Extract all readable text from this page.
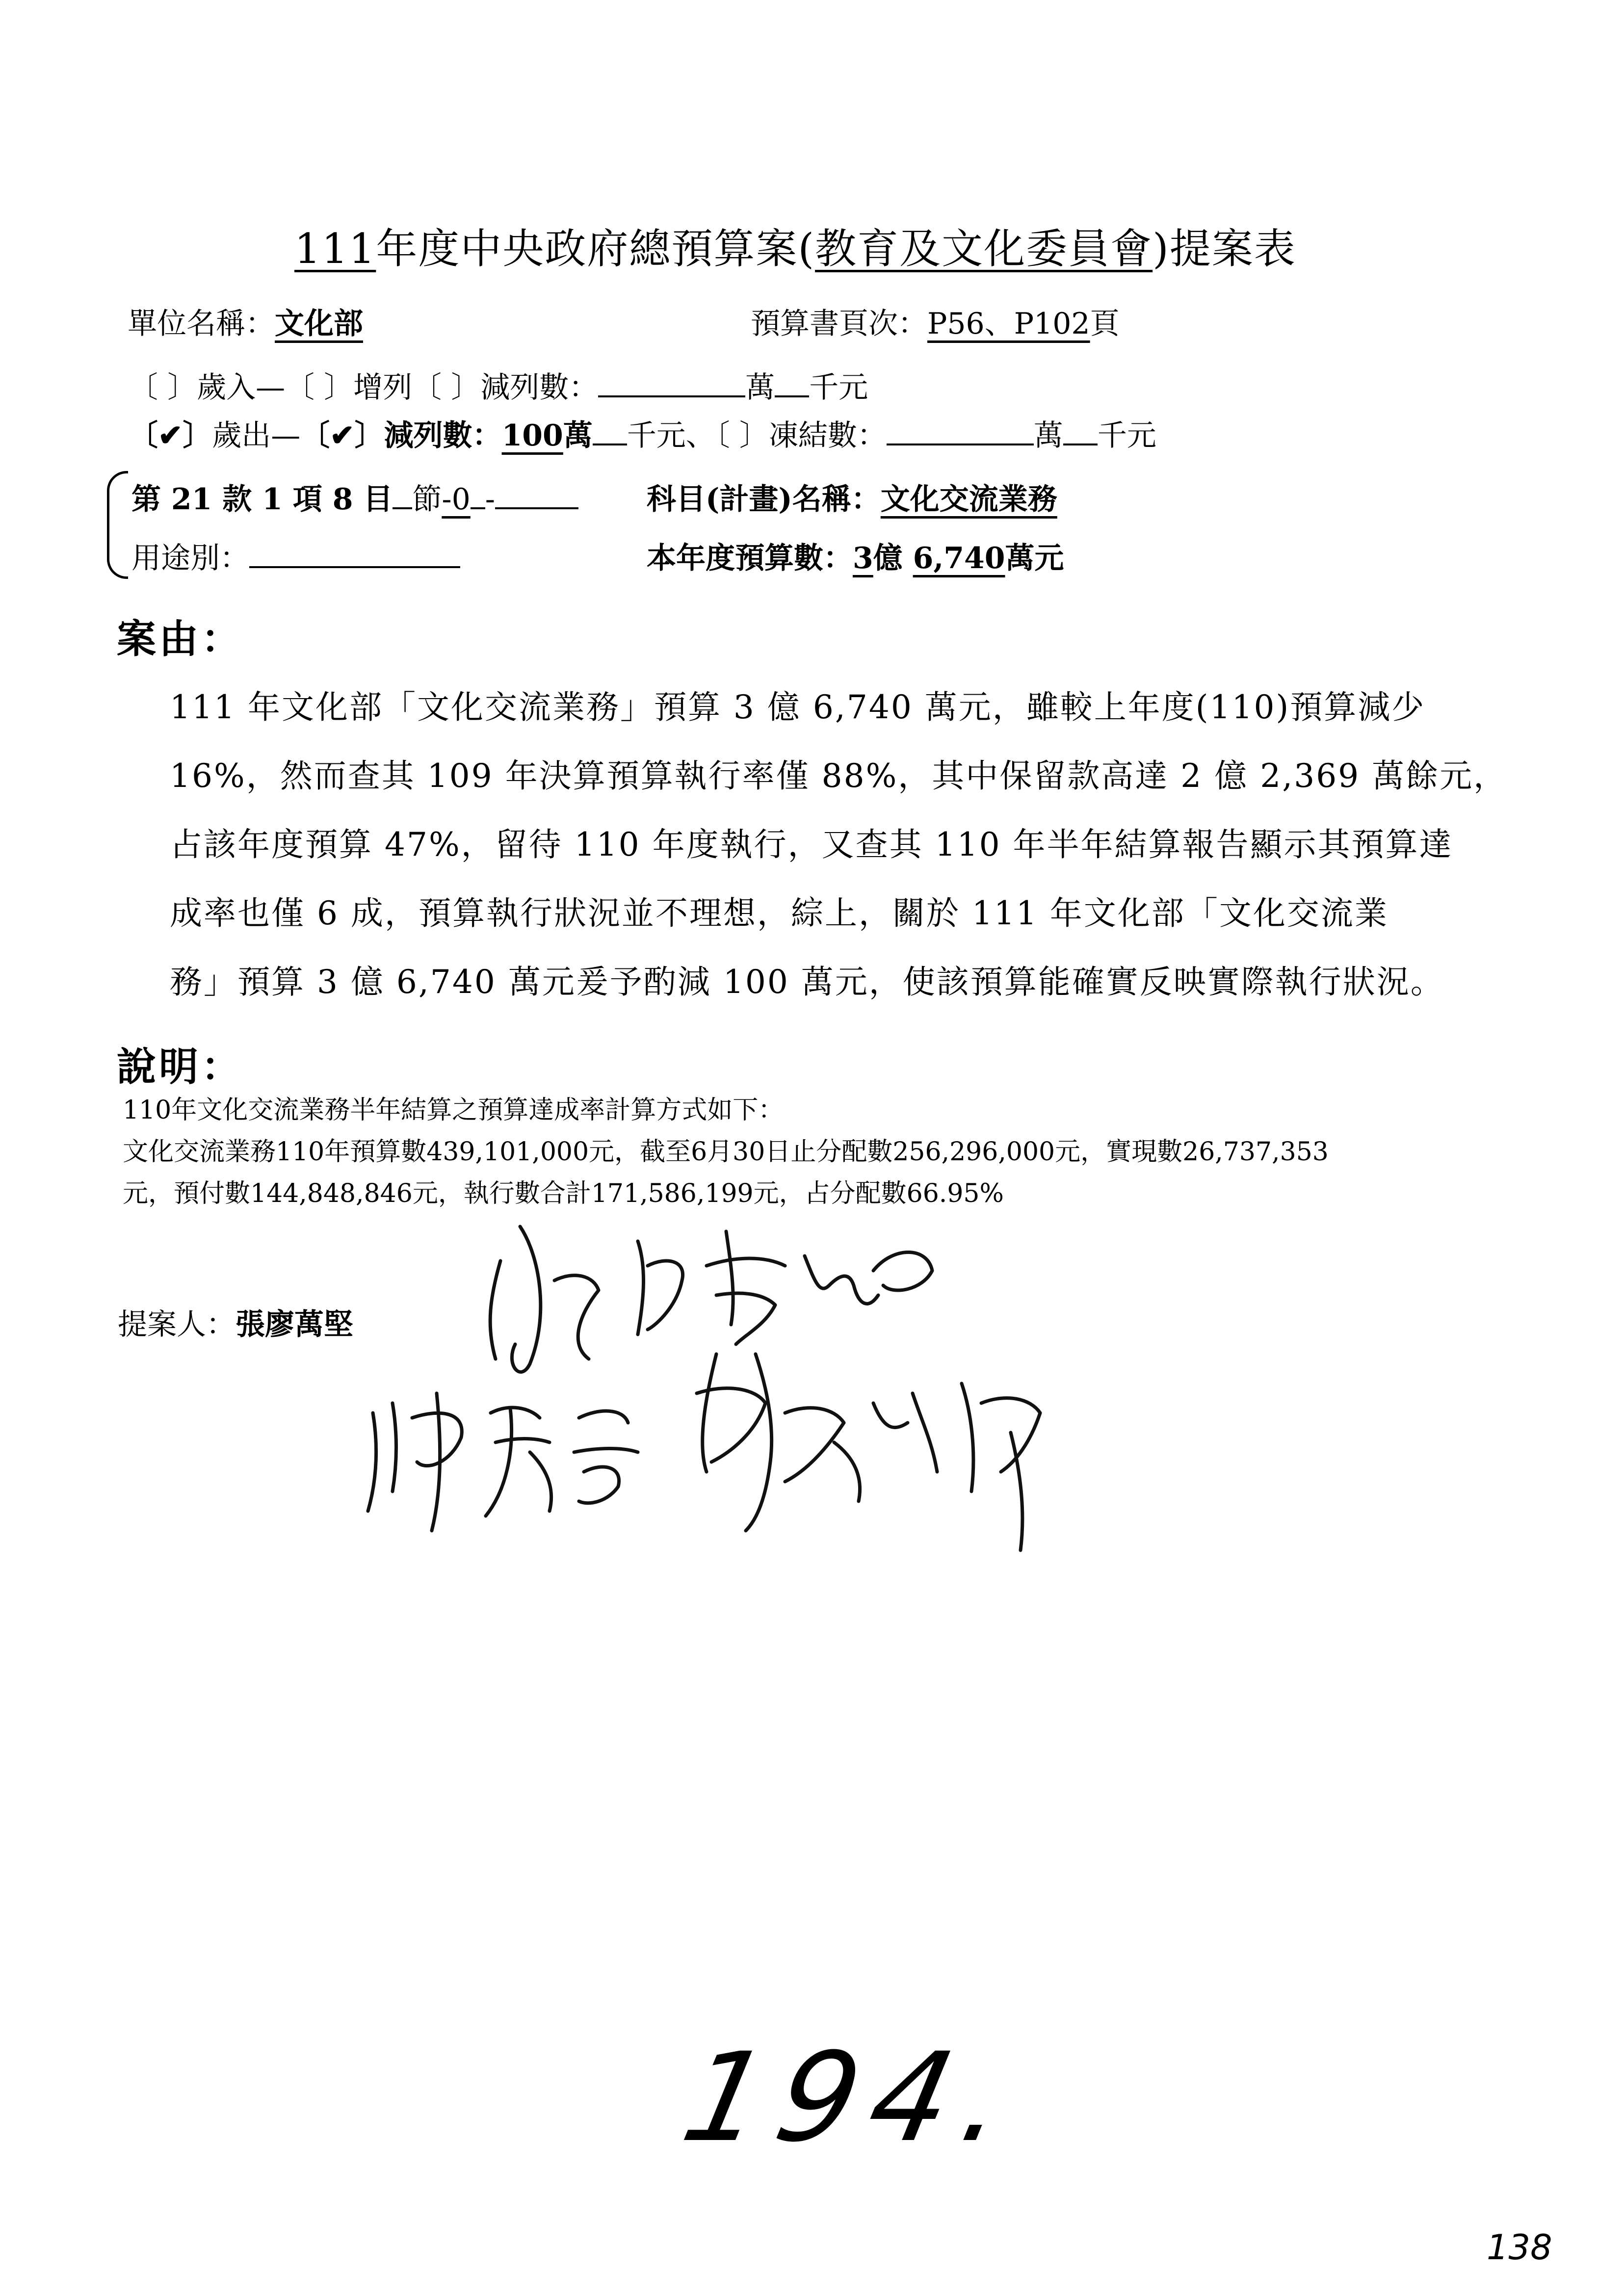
111年度中央政府總預算案(教育及文化委員會)提案表
單位名稱：文化部	預算書頁次：P56、P102頁
〔 〕歲入—〔 〕增列〔 〕減列數：	萬 千元
〔✔〕歲出—〔✔〕減列數：100萬 千元、〔 〕凍結數：	萬 千元
第 21 款 1 項 8 目 節-0 -	科目(計畫)名稱：文化交流業務
用途別：	本年度預算數：3億 6,740萬元
案由：
111 年文化部「文化交流業務」預算 3 億 6,740 萬元，雖較上年度(110)預算減少
16%，然而查其 109 年決算預算執行率僅 88%，其中保留款高達 2 億 2,369 萬餘元，
占該年度預算 47%，留待 110 年度執行，又查其 110 年半年結算報告顯示其預算達
成率也僅 6 成，預算執行狀況並不理想，綜上，關於 111 年文化部「文化交流業
務」預算 3 億 6,740 萬元爰予酌減 100 萬元，使該預算能確實反映實際執行狀況。
說明：
110年文化交流業務半年結算之預算達成率計算方式如下：
文化交流業務110年預算數439,101,000元，截至6月30日止分配數256,296,000元，實現數26,737,353
元，預付數144,848,846元，執行數合計171,586,199元，占分配數66.95%
提案人：張廖萬堅
194.
138
